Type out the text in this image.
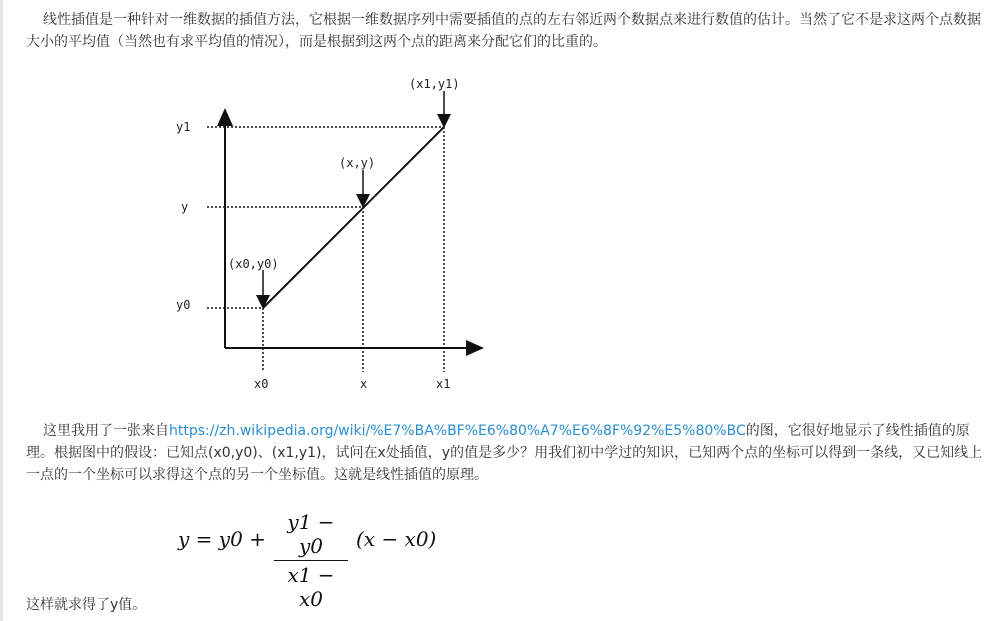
线性插值是一种针对一维数据的插值方法，它根据一维数据序列中需要插值的点的左右邻近两个数据点来进行数值的估计。当然了它不是求这两个点数据大小的平均值（当然也有求平均值的情况），而是根据到这两个点的距离来分配它们的比重的。

(x1,y1)
(x,y)
(x0,y0)
y1
y
y0
x0	x	x1

这里我用了一张来自https://zh.wikipedia.org/wiki/%E7%BA%BF%E6%80%A7%E6%8F%92%E5%80%BC的图，它很好地显示了线性插值的原理。根据图中的假设：已知点(x0,y0)、(x1,y1)，试问在x处插值，y的值是多少？用我们初中学过的知识，已知两个点的坐标可以得到一条线，又已知线上一点的一个坐标可以求得这个点的另一个坐标值。这就是线性插值的原理。

y = y0 +
y1 − y0
x1 − x0
(x − x0)

这样就求得了y值。
